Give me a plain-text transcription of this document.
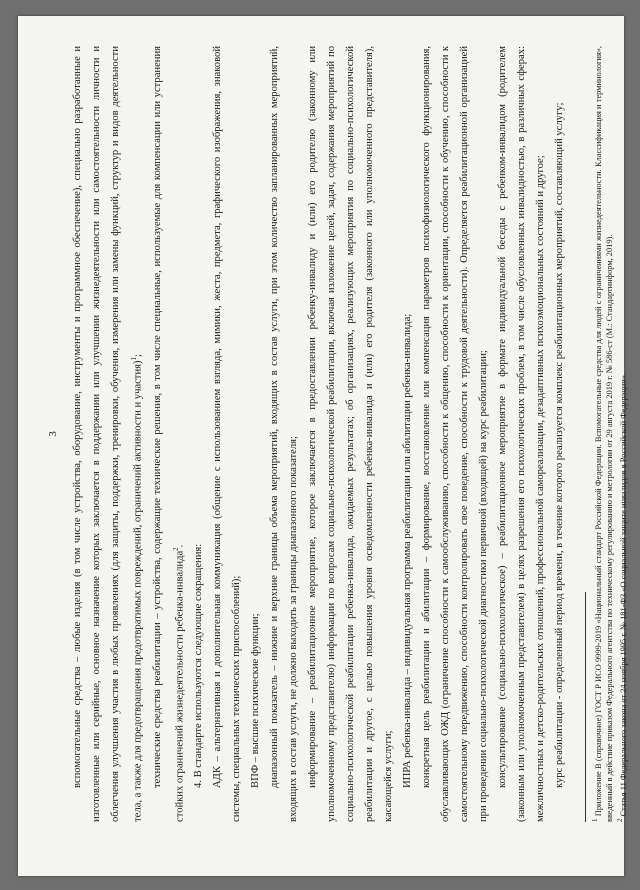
3	вспомогательные средства – любые изделия (в том числе устройства, оборудование, инструменты и программное обеспечение), специально разработанные и изготовленные или серийные, основное назначение которых заключается в поддержании или улучшении жизнедеятельности или самостоятельности личности и облегчения улучшения участия в любых проявлениях (для защиты, поддержки, тренировки, обучения, измерения или замены функций, структур и видов деятельности тела, а также для предотвращения предотвратимых повреждений, ограничений активности и участия)$^1$; технические средства реабилитации – устройства, содержащие технические решения, в том числе специальные, используемые для компенсации или устранения стойких ограничений жизнедеятельности ребенка-инвалида$^2$. 4. В стандарте используются следующие сокращения: АДК – альтернативная и дополнительная коммуникация (общение с использованием взгляда, мимики, жеста, предмета, графического изображения, знаковой системы, специальных технических приспособлений); ВПФ – высшие психические функции; диапазонный показатель – нижние и верхние границы объема мероприятий, входящих в состав услуги, при этом количество запланированных мероприятий, входящих в состав услуги, не должно выходить за границы диапазонного показателя; информирование – реабилитационное мероприятие, которое заключается в предоставлении ребенку-инвалиду и (или) его родителю (законному или уполномоченному представителю) информации по вопросам социально-психологической реабилитации, включая изложение целей, задач, содержания мероприятий по социально-психологической реабилитации ребенка-инвалида, ожидаемых результатах; об организациях, реализующих мероприятия по социально-психологической реабилитации и другое, с целью повышения уровня осведомленности ребенка-инвалида и (или) его родителя (законного или уполномоченного представителя), касающейся услуги; ИПРА ребенка-инвалида – индивидуальная программа реабилитации или абилитации ребенка-инвалида; конкретная цель реабилитации и абилитации – формирование, восстановление или компенсация параметров психофизиологического функционирования, обуславливающих ОЖД (ограничение способности к самообслуживанию, способности к общению, способности к ориентации, способности к обучению, способности к самостоятельному передвижению, способности контролировать свое поведение, способности к трудовой деятельности). Определяется реабилитационной организацией при проведении социально-психологической диагностики первичной (входящей) на курс реабилитации; консультирование (социально-психологическое) – реабилитационное мероприятие в формате индивидуальной беседы с ребенком-инвалидом (родителем (законным или уполномоченным представителем) в целях разрешения его психологических проблем, в том числе обусловленных инвалидностью, в различных сферах: межличностных и детско-родительских отношений, профессиональной самореализации, дезадаптивных психоэмоциональных состояний и другое; курс реабилитации - определенный период времени, в течение которого реализуется комплекс реабилитационных мероприятий, составляющий услугу;

$^1$ Приложение В (справочное) ГОСТ Р ИСО 9999-2019 «Национальный стандарт Российской Федерации. Вспомогательные средства для людей с ограничениями жизнедеятельности. Классификация и терминология», введенный в действие приказом Федерального агентства по техническому регулированию и метрологии от 29 августа 2019 г. № 586-ст (М.: Стандартинформ, 2019). $^2$ Статья 11 Федерального закона от 24 ноября 1995 г. № 181-ФЗ «О социальной защите инвалидов в Российской Федерации».
